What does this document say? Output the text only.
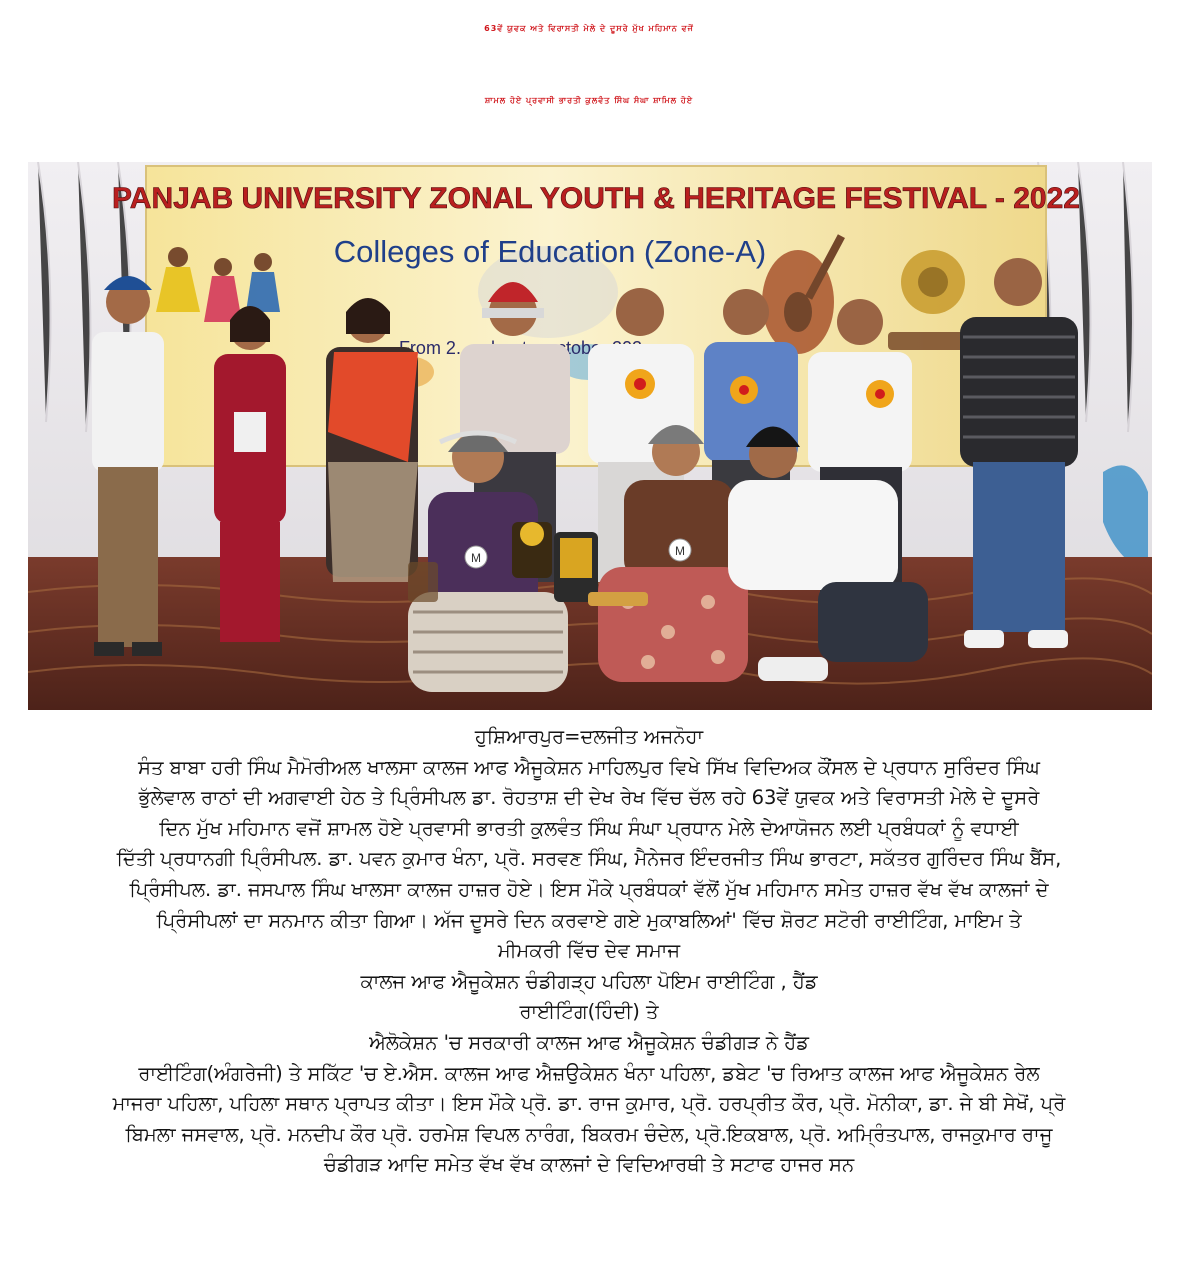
63ਵੇਂ ਯੁਵਕ ਅਤੇ ਵਿਰਾਸਤੀ ਮੇਲੇ ਦੇ ਦੂਸਰੇ ਮੁੱਖ ਮਹਿਮਾਨ ਵਜੋਂ
ਸ਼ਾਮਲ ਹੋਏ ਪ੍ਰਵਾਸੀ ਭਾਰਤੀ ਕੁਲਵੰਤ ਸਿੰਘ ਸੰਘਾ ਸ਼ਾਮਿਲ ਹੋਏ
PANJAB UNIVERSITY ZONAL YOUTH & HERITAGE FESTIVAL - 2022
Colleges of Education (Zone-A)
From 2... ...ctober
M	M
ਹੁਸ਼ਿਆਰਪੁਰ=ਦਲਜੀਤ ਅਜਨੋਹਾ
ਸੰਤ ਬਾਬਾ ਹਰੀ ਸਿੰਘ ਮੈਮੋਰੀਅਲ ਖਾਲਸਾ ਕਾਲਜ ਆਫ ਐਜੂਕੇਸ਼ਨ ਮਾਹਿਲਪੁਰ ਵਿਖੇ ਸਿੱਖ ਵਿਦਿਅਕ ਕੌਂਸਲ ਦੇ ਪ੍ਰਧਾਨ ਸੁਰਿੰਦਰ ਸਿੰਘ
ਭੁੱਲੇਵਾਲ ਰਾਠਾਂ ਦੀ ਅਗਵਾਈ ਹੇਠ ਤੇ ਪ੍ਰਿੰਸੀਪਲ ਡਾ. ਰੋਹਤਾਸ਼ ਦੀ ਦੇਖ ਰੇਖ ਵਿੱਚ ਚੱਲ ਰਹੇ 63ਵੇਂ ਯੁਵਕ ਅਤੇ ਵਿਰਾਸਤੀ ਮੇਲੇ ਦੇ ਦੂਸਰੇ
ਦਿਨ ਮੁੱਖ ਮਹਿਮਾਨ ਵਜੋਂ ਸ਼ਾਮਲ ਹੋਏ ਪ੍ਰਵਾਸੀ ਭਾਰਤੀ ਕੁਲਵੰਤ ਸਿੰਘ ਸੰਘਾ ਪ੍ਰਧਾਨ ਮੇਲੇ ਦੇਆਯੋਜਨ ਲਈ ਪ੍ਰਬੰਧਕਾਂ ਨੂੰ ਵਧਾਈ
ਦਿੱਤੀ ਪ੍ਰਧਾਨਗੀ ਪ੍ਰਿੰਸੀਪਲ. ਡਾ. ਪਵਨ ਕੁਮਾਰ ਖੰਨਾ, ਪ੍ਰੋ. ਸਰਵਣ ਸਿੰਘ, ਮੈਨੇਜਰ ਇੰਦਰਜੀਤ ਸਿੰਘ ਭਾਰਟਾ, ਸਕੱਤਰ ਗੁਰਿੰਦਰ ਸਿੰਘ ਬੈਂਸ,
ਪ੍ਰਿੰਸੀਪਲ. ਡਾ. ਜਸਪਾਲ ਸਿੰਘ ਖਾਲਸਾ ਕਾਲਜ ਹਾਜ਼ਰ ਹੋਏ। ਇਸ ਮੌਕੇ ਪ੍ਰਬੰਧਕਾਂ ਵੱਲੋਂ ਮੁੱਖ ਮਹਿਮਾਨ ਸਮੇਤ ਹਾਜ਼ਰ ਵੱਖ ਵੱਖ ਕਾਲਜਾਂ ਦੇ
ਪ੍ਰਿੰਸੀਪਲਾਂ ਦਾ ਸਨਮਾਨ ਕੀਤਾ ਗਿਆ। ਅੱਜ ਦੂਸਰੇ ਦਿਨ ਕਰਵਾਏ ਗਏ ਮੁਕਾਬਲਿਆਂ' ਵਿੱਚ ਸ਼ੋਰਟ ਸਟੋਰੀ ਰਾਈਟਿੰਗ, ਮਾਇਮ ਤੇ
ਮੀਮਕਰੀ ਵਿੱਚ ਦੇਵ ਸਮਾਜ
ਕਾਲਜ ਆਫ ਐਜੂਕੇਸ਼ਨ ਚੰਡੀਗੜ੍ਹ ਪਹਿਲਾ ਪੋਇਮ ਰਾਈਟਿੰਗ , ਹੈਂਡ
ਰਾਈਟਿੰਗ(ਹਿੰਦੀ) ਤੇ
ਐਲੋਕੇਸ਼ਨ 'ਚ ਸਰਕਾਰੀ ਕਾਲਜ ਆਫ ਐਜੂਕੇਸ਼ਨ ਚੰਡੀਗੜ ਨੇ ਹੈਂਡ
ਰਾਈਟਿੰਗ(ਅੰਗਰੇਜੀ) ਤੇ ਸਕਿੱਟ 'ਚ ਏ.ਐਸ. ਕਾਲਜ ਆਫ ਐਜ਼ਉਕੇਸ਼ਨ ਖੰਨਾ ਪਹਿਲਾ, ਡਬੇਟ 'ਚ ਰਿਆਤ ਕਾਲਜ ਆਫ ਐਜੂਕੇਸ਼ਨ ਰੇਲ
ਮਾਜਰਾ ਪਹਿਲਾ, ਪਹਿਲਾ ਸਥਾਨ ਪ੍ਰਾਪਤ ਕੀਤਾ। ਇਸ ਮੌਕੇ ਪ੍ਰੋ. ਡਾ. ਰਾਜ ਕੁਮਾਰ, ਪ੍ਰੋ. ਹਰਪ੍ਰੀਤ ਕੌਰ, ਪ੍ਰੋ. ਮੋਨੀਕਾ, ਡਾ. ਜੇ ਬੀ ਸੇਖੋਂ, ਪ੍ਰੋ
ਬਿਮਲਾ ਜਸਵਾਲ, ਪ੍ਰੋ. ਮਨਦੀਪ ਕੌਰ ਪ੍ਰੋ. ਹਰਮੇਸ਼ ਵਿਪਲ ਨਾਰੰਗ, ਬਿਕਰਮ ਚੰਦੇਲ, ਪ੍ਰੋ.ਇਕਬਾਲ, ਪ੍ਰੋ. ਅਮ੍ਰਿੰਤਪਾਲ, ਰਾਜਕੁਮਾਰ ਰਾਜੂ
ਚੰਡੀਗੜ ਆਦਿ ਸਮੇਤ ਵੱਖ ਵੱਖ ਕਾਲਜਾਂ ਦੇ ਵਿਦਿਆਰਥੀ ਤੇ ਸਟਾਫ ਹਾਜਰ ਸਨ
